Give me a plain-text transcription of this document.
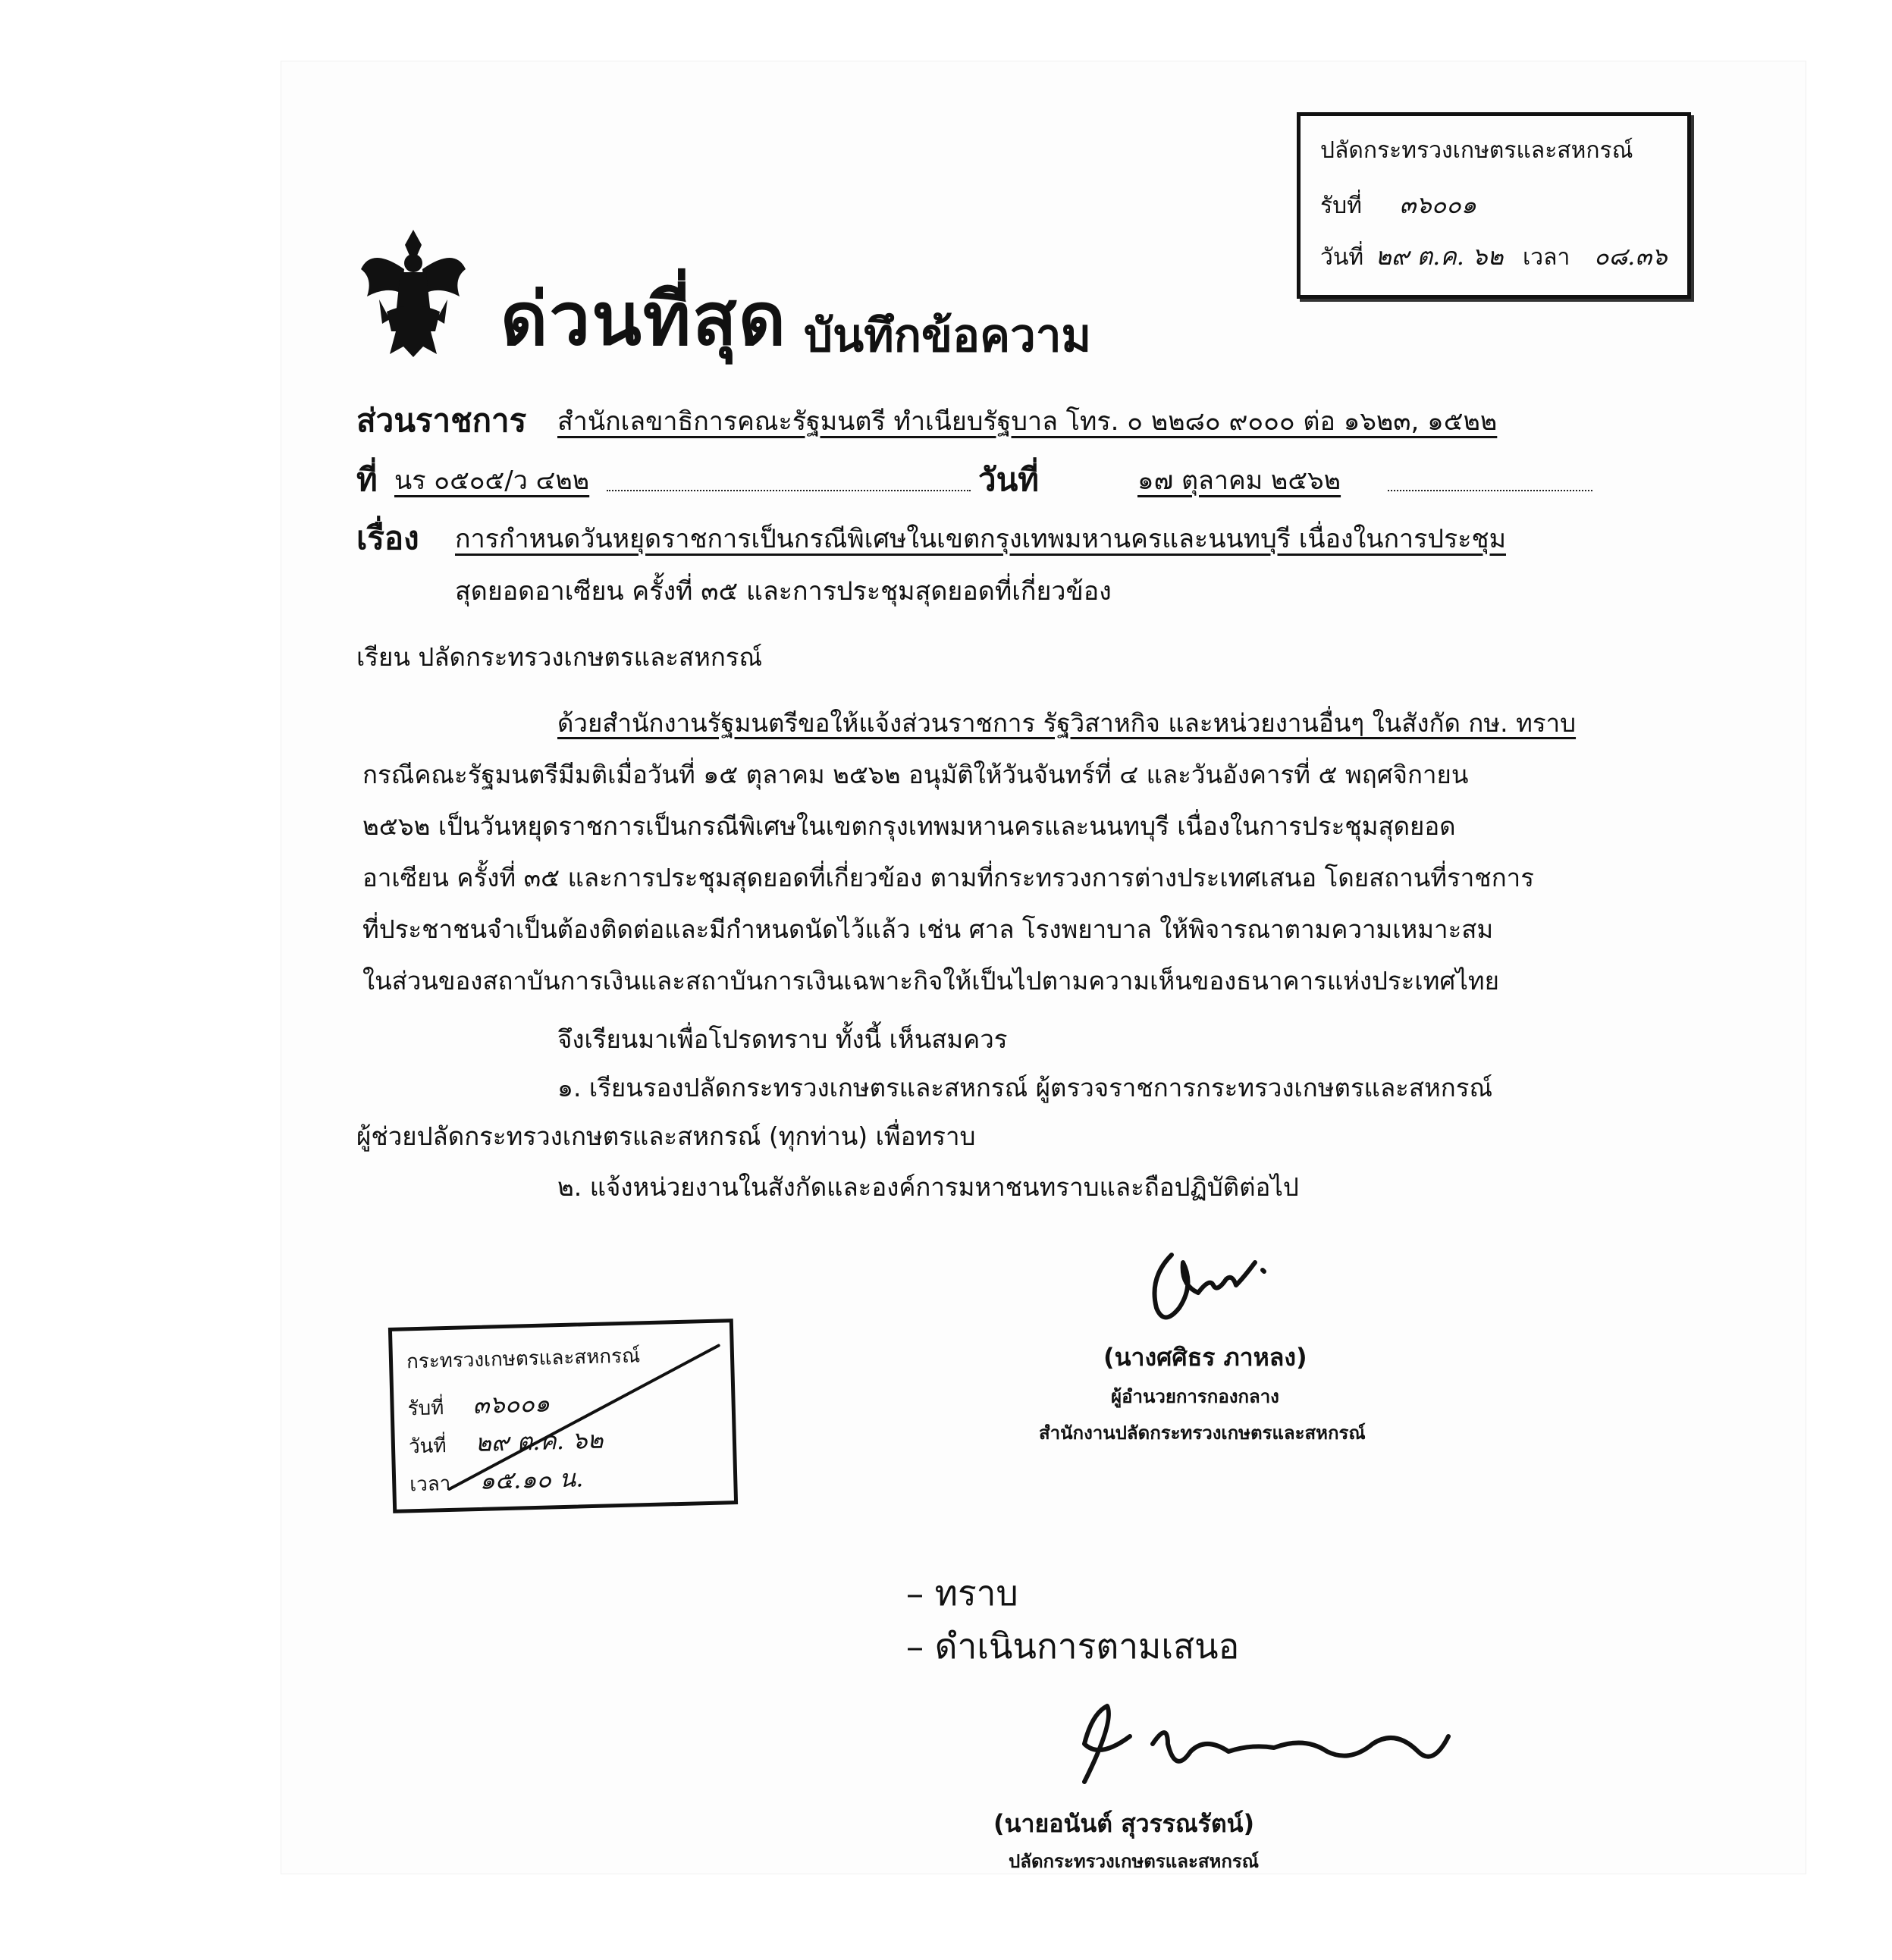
ปลัดกระทรวงเกษตรและสหกรณ์
รับที่ ๓๖๐๐๑
วันที่ ๒๙ ต.ค. ๖๒ เวลา ๐๘.๓๖
ด่วนที่สุด บันทึกข้อความ
ส่วนราชการ สำนักเลขาธิการคณะรัฐมนตรี ทำเนียบรัฐบาล โทร. ๐ ๒๒๘๐ ๙๐๐๐ ต่อ ๑๖๒๓, ๑๕๒๒
ที่ นร ๐๕๐๕/ว ๔๒๒	วันที่	๑๗ ตุลาคม ๒๕๖๒
เรื่อง การกำหนดวันหยุดราชการเป็นกรณีพิเศษในเขตกรุงเทพมหานครและนนทบุรี เนื่องในการประชุม
สุดยอดอาเซียน ครั้งที่ ๓๕ และการประชุมสุดยอดที่เกี่ยวข้อง
เรียน ปลัดกระทรวงเกษตรและสหกรณ์
ด้วยสำนักงานรัฐมนตรีขอให้แจ้งส่วนราชการ รัฐวิสาหกิจ และหน่วยงานอื่นๆ ในสังกัด กษ. ทราบ
กรณีคณะรัฐมนตรีมีมติเมื่อวันที่ ๑๕ ตุลาคม ๒๕๖๒ อนุมัติให้วันจันทร์ที่ ๔ และวันอังคารที่ ๕ พฤศจิกายน
๒๕๖๒ เป็นวันหยุดราชการเป็นกรณีพิเศษในเขตกรุงเทพมหานครและนนทบุรี เนื่องในการประชุมสุดยอด
อาเซียน ครั้งที่ ๓๕ และการประชุมสุดยอดที่เกี่ยวข้อง ตามที่กระทรวงการต่างประเทศเสนอ โดยสถานที่ราชการ
ที่ประชาชนจำเป็นต้องติดต่อและมีกำหนดนัดไว้แล้ว เช่น ศาล โรงพยาบาล ให้พิจารณาตามความเหมาะสม
ในส่วนของสถาบันการเงินและสถาบันการเงินเฉพาะกิจให้เป็นไปตามความเห็นของธนาคารแห่งประเทศไทย
จึงเรียนมาเพื่อโปรดทราบ ทั้งนี้ เห็นสมควร
๑. เรียนรองปลัดกระทรวงเกษตรและสหกรณ์ ผู้ตรวจราชการกระทรวงเกษตรและสหกรณ์
ผู้ช่วยปลัดกระทรวงเกษตรและสหกรณ์ (ทุกท่าน) เพื่อทราบ
๒. แจ้งหน่วยงานในสังกัดและองค์การมหาชนทราบและถือปฏิบัติต่อไป
(นางศศิธร ภาหลง)
ผู้อำนวยการกองกลาง
สำนักงานปลัดกระทรวงเกษตรและสหกรณ์
กระทรวงเกษตรและสหกรณ์
รับที่ ๓๖๐๐๑
วันที่ ๒๙ ต.ค. ๖๒
เวลา ๑๕.๑๐ น.
– ทราบ
– ดำเนินการตามเสนอ
(นายอนันต์ สุวรรณรัตน์)
ปลัดกระทรวงเกษตรและสหกรณ์
